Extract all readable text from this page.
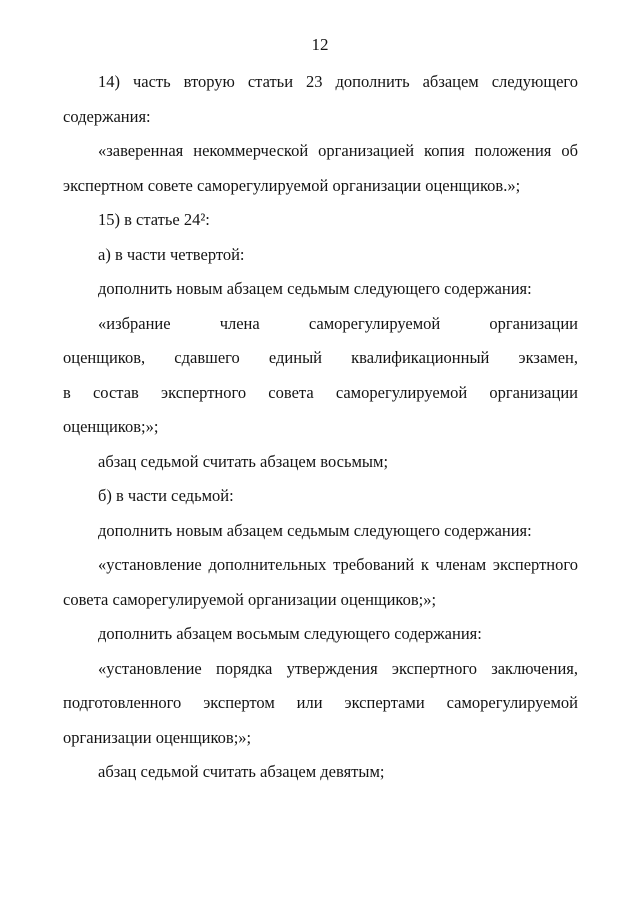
12
14) часть вторую статьи 23 дополнить абзацем следующего
содержания:
«заверенная некоммерческой организацией копия положения об
экспертном совете саморегулируемой организации оценщиков.»;
15) в статье 24²:
а) в части четвертой:
дополнить новым абзацем седьмым следующего содержания:
«избрание члена саморегулируемой организации
оценщиков, сдавшего единый квалификационный экзамен,
в состав экспертного совета саморегулируемой организации
оценщиков;»;
абзац седьмой считать абзацем восьмым;
б) в части седьмой:
дополнить новым абзацем седьмым следующего содержания:
«установление дополнительных требований к членам экспертного
совета саморегулируемой организации оценщиков;»;
дополнить абзацем восьмым следующего содержания:
«установление порядка утверждения экспертного заключения,
подготовленного экспертом или экспертами саморегулируемой
организации оценщиков;»;
абзац седьмой считать абзацем девятым;
